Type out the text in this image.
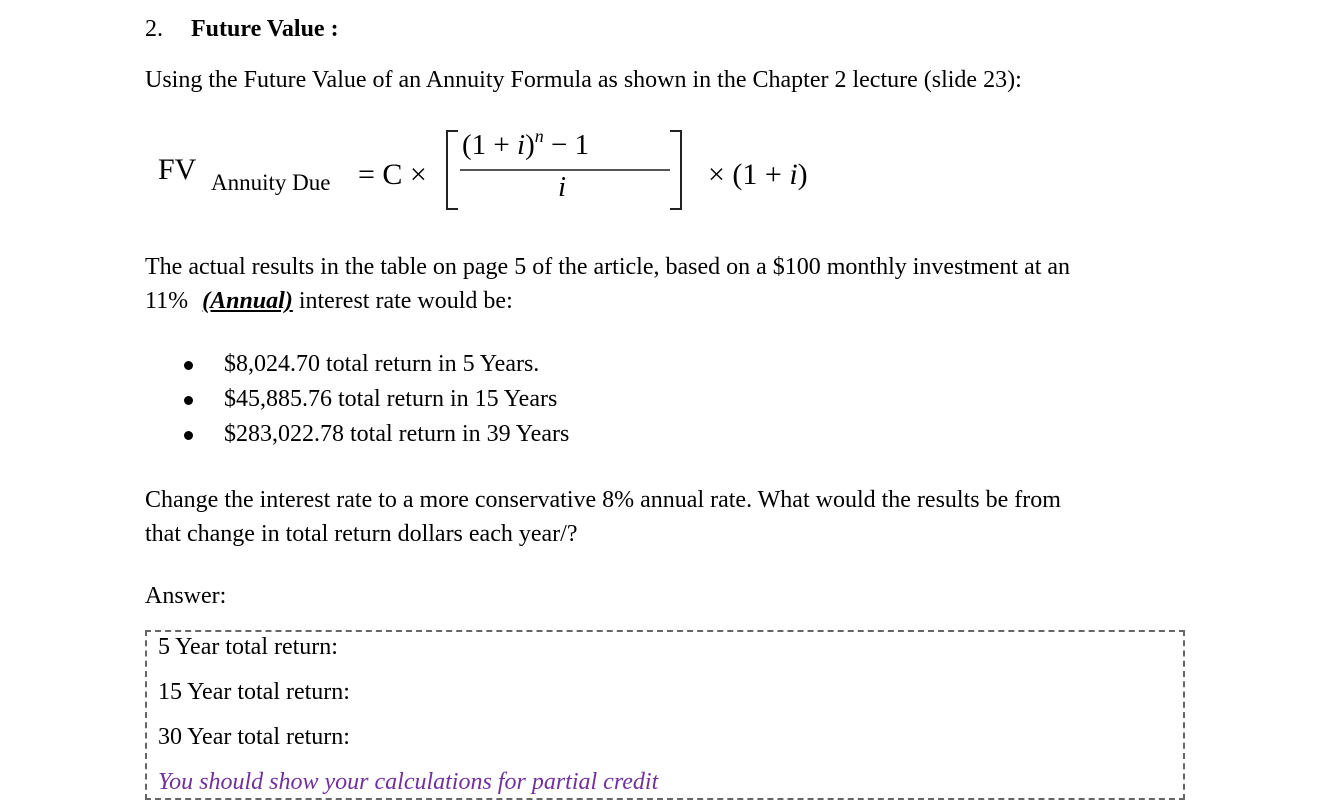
2. Future Value :
Using the Future Value of an Annuity Formula as shown in the Chapter 2 lecture (slide 23):
FV Annuity Due = C ×
$(1 + i)^n - 1$
i	× (1 + i)
The actual results in the table on page 5 of the article, based on a $100 monthly investment at an
11% (Annual) interest rate would be:
$8,024.70 total return in 5 Years.
$45,885.76 total return in 15 Years
$283,022.78 total return in 39 Years
Change the interest rate to a more conservative 8% annual rate. What would the results be from
that change in total return dollars each year/?
Answer:
5 Year total return:
15 Year total return:
30 Year total return:
You should show your calculations for partial credit
